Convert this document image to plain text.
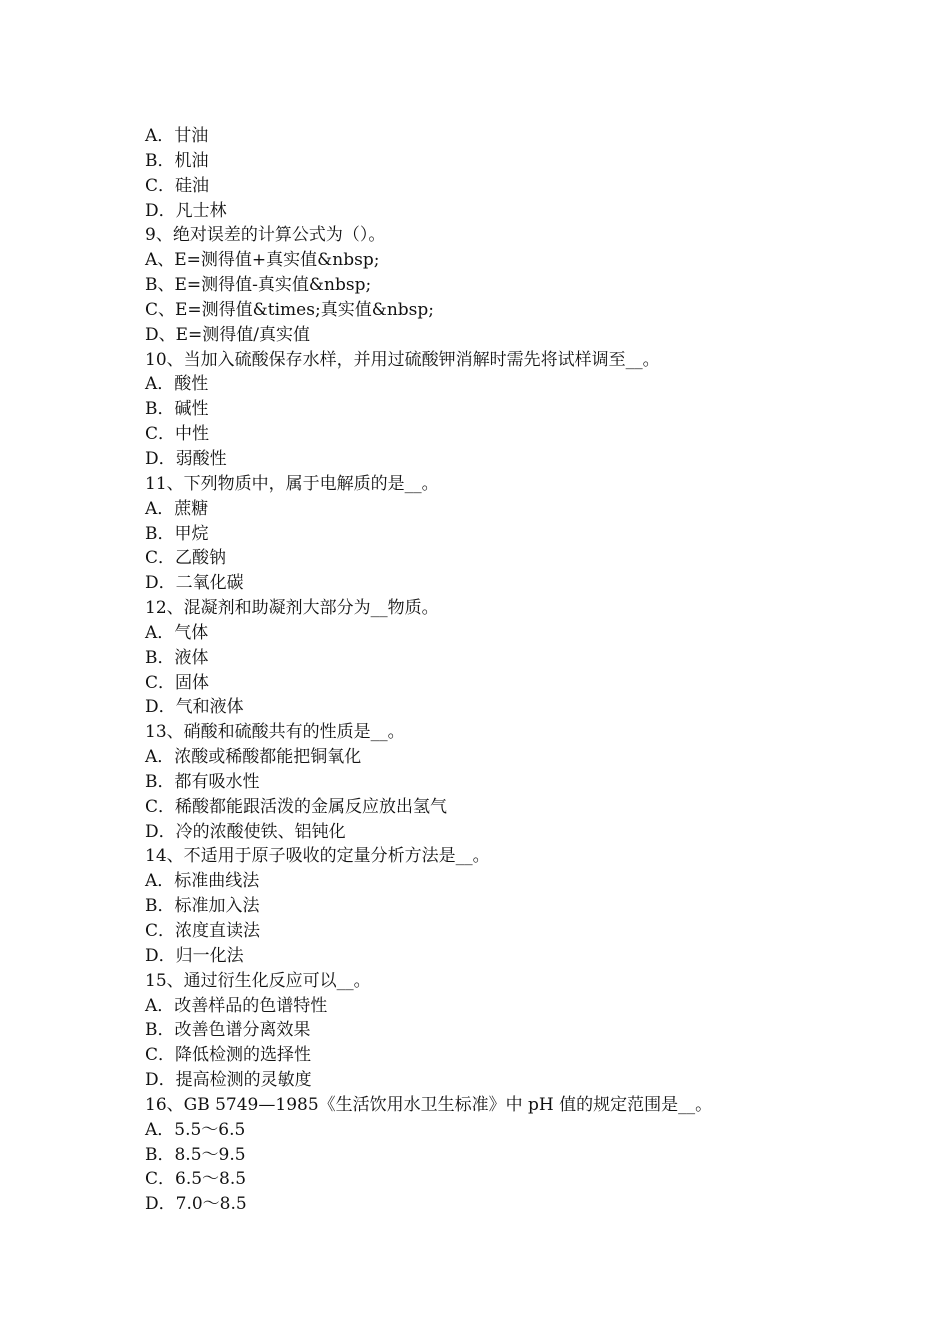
A．甘油
B．机油
C．硅油
D．凡士林
9、绝对误差的计算公式为（）。
A、E=测得值+真实值&nbsp;
B、E=测得值-真实值&nbsp;
C、E=测得值&times;真实值&nbsp;
D、E=测得值/真实值
10、当加入硫酸保存水样，并用过硫酸钾消解时需先将试样调至__。
A．酸性
B．碱性
C．中性
D．弱酸性
11、下列物质中，属于电解质的是__。
A．蔗糖
B．甲烷
C．乙酸钠
D．二氧化碳
12、混凝剂和助凝剂大部分为__物质。
A．气体
B．液体
C．固体
D．气和液体
13、硝酸和硫酸共有的性质是__。
A．浓酸或稀酸都能把铜氧化
B．都有吸水性
C．稀酸都能跟活泼的金属反应放出氢气
D．冷的浓酸使铁、铝钝化
14、不适用于原子吸收的定量分析方法是__。
A．标准曲线法
B．标准加入法
C．浓度直读法
D．归一化法
15、通过衍生化反应可以__。
A．改善样品的色谱特性
B．改善色谱分离效果
C．降低检测的选择性
D．提高检测的灵敏度
16、GB 5749—1985《生活饮用水卫生标准》中 pH 值的规定范围是__。
A．5.5～6.5
B．8.5～9.5
C．6.5～8.5
D．7.0～8.5
